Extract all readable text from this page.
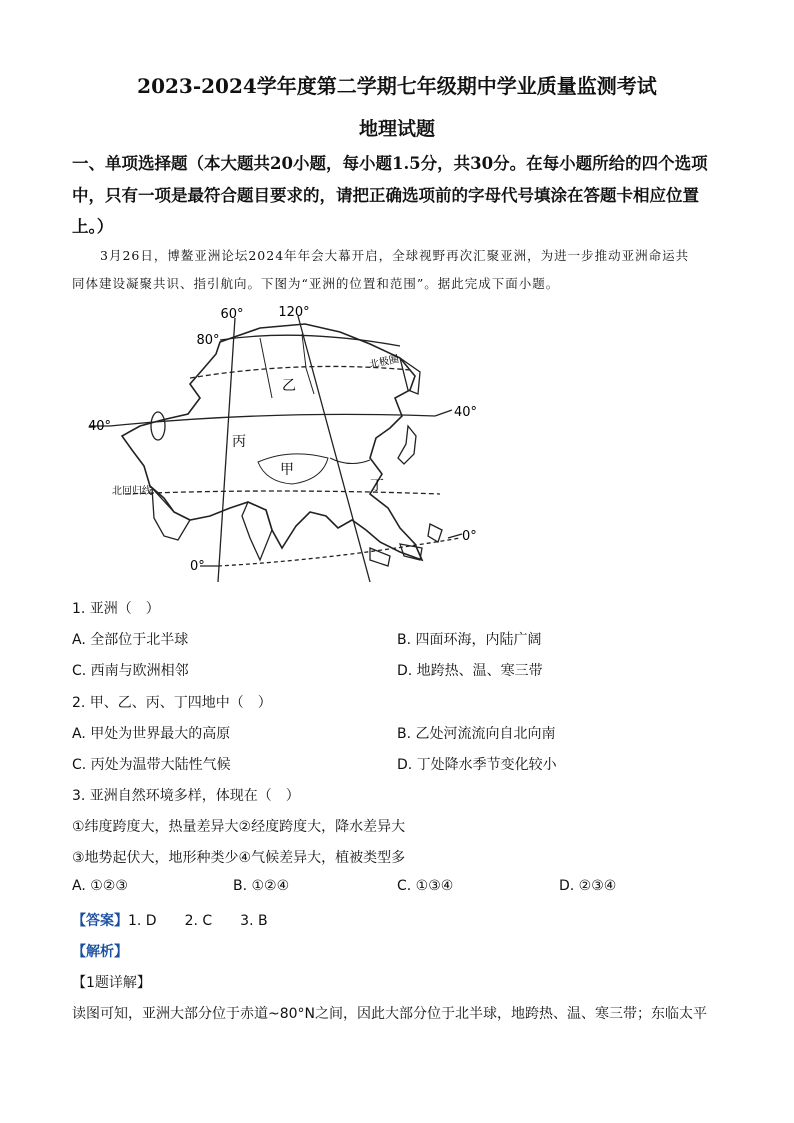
2023-2024学年度第二学期七年级期中学业质量监测考试
地理试题
一、单项选择题（本大题共20小题，每小题1.5分，共30分。在每小题所给的四个选项
中，只有一项是最符合题目要求的，请把正确选项前的字母代号填涂在答题卡相应位置
上。）
3月26日，博鳌亚洲论坛2024年年会大幕开启，全球视野再次汇聚亚洲，为进一步推动亚洲命运共
同体建设凝聚共识、指引航向。下图为“亚洲的位置和范围”。据此完成下面小题。
60°	120°
80°
40°
40°
0°
0°
北极圈
北回归线
乙
丙
甲
丁
1. 亚洲（　）
A. 全部位于北半球	B. 四面环海，内陆广阔
C. 西南与欧洲相邻	D. 地跨热、温、寒三带
2. 甲、乙、丙、丁四地中（　）
A. 甲处为世界最大的高原	B. 乙处河流流向自北向南
C. 丙处为温带大陆性气候	D. 丁处降水季节变化较小
3. 亚洲自然环境多样，体现在（　）
①纬度跨度大，热量差异大②经度跨度大，降水差异大
③地势起伏大，地形种类少④气候差异大，植被类型多
A. ①②③	B. ①②④	C. ①③④	D. ②③④
【答案】1. D　　2. C　　3. B
【解析】
【1题详解】
读图可知，亚洲大部分位于赤道~80°N之间，因此大部分位于北半球，地跨热、温、寒三带；东临太平
